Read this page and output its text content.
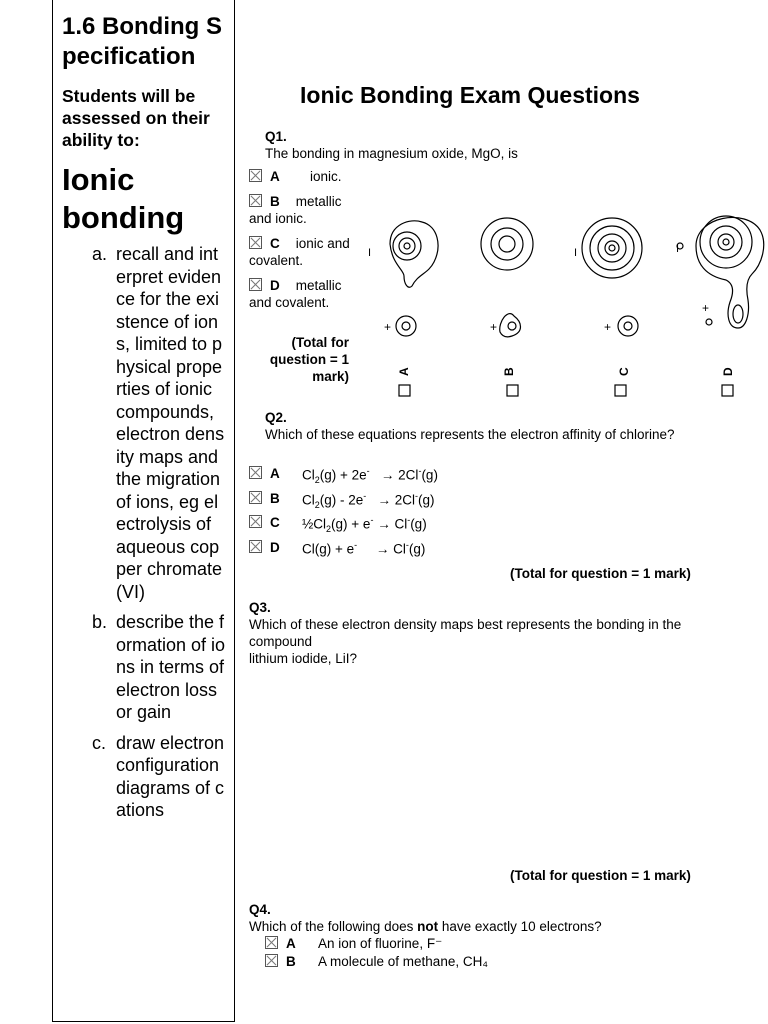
1.6 Bonding Specification
Students will be assessed on their ability to:
Ionic bonding
a. recall and interpret evidence for the existence of ions, limited to physical properties of ionic compounds, electron density maps and the migration of ions, eg electrolysis of aqueous copper chromate(VI)
b. describe the formation of ions in terms of electron loss or gain
c. draw electron configuration diagrams of cations
Ionic Bonding Exam Questions
Q1.
The bonding in magnesium oxide, MgO, is
A ionic.
B metallic and ionic.
C ionic and covalent.
D metallic and covalent.
(Total for question = 1 mark)
I
+
A
+
B
I
+
C
I
+
D
Q2.
Which of these equations represents the electron affinity of chlorine?
A $Cl_2(g) + 2e^- \to 2Cl^-(g)$
B $Cl_2(g) - 2e^- \to 2Cl^-(g)$
C $\frac{1}{2}Cl_2(g) + e^- \to Cl^-(g)$
D Cl(g) + e-     → Cl-(g)
(Total for question = 1 mark)
Q3.
Which of these electron density maps best represents the bonding in the compound
lithium iodide, LiI?
(Total for question = 1 mark)
Q4.
Which of the following does not have exactly 10 electrons?
A An ion of fluorine, F⁻
B A molecule of methane, CH₄
